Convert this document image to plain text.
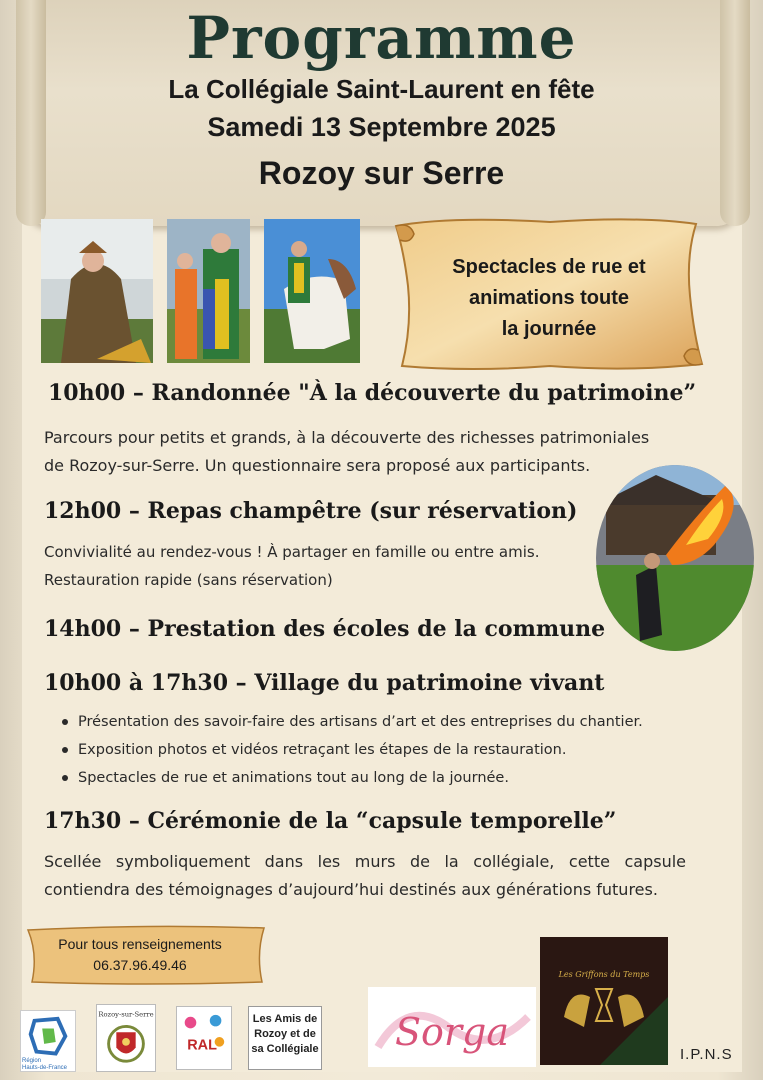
Programme
La Collégiale Saint-Laurent en fête
Samedi 13 Septembre 2025
Rozoy sur Serre
Spectacles de rue et
animations toute
la journée
10h00 – Randonnée "À la découverte du patrimoine”
Parcours pour petits et grands, à la découverte des richesses patrimoniales
de Rozoy-sur-Serre. Un questionnaire sera proposé aux participants.
12h00 – Repas champêtre (sur réservation)
Convivialité au rendez-vous ! À partager en famille ou entre amis.
Restauration rapide (sans réservation)
14h00 – Prestation des écoles de la commune
10h00 à 17h30 – Village du patrimoine vivant
Présentation des savoir-faire des artisans d’art et des entreprises du chantier.
Exposition photos et vidéos retraçant les étapes de la restauration.
Spectacles de rue et animations tout au long de la journée.
17h30 – Cérémonie de la “capsule temporelle”
Scellée symboliquement dans les murs de la collégiale, cette capsule
contiendra des témoignages d’aujourd’hui destinés aux générations futures.
Pour tous renseignements
06.37.96.49.46
Région
Hauts-de-France
Rozoy-sur-Serre
RAL
Les Amis de
Rozoy et de
sa Collégiale Sorga
Les Griffons du Temps
I.P.N.S
